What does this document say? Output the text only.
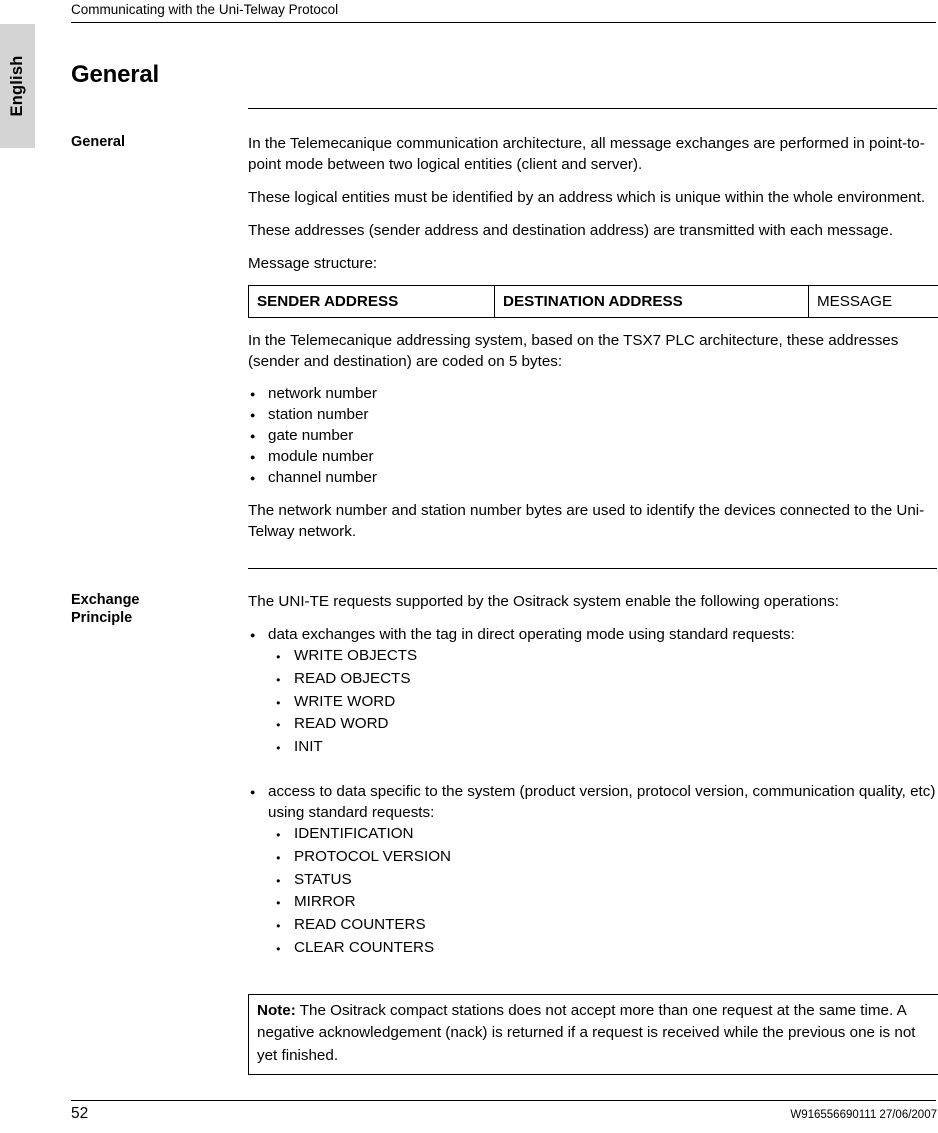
English
Communicating with the Uni-Telway Protocol
General
General	In the Telemecanique communication architecture, all message exchanges are performed in point-to-point mode between two logical entities (client and server).

These logical entities must be identified by an address which is unique within the whole environment.

These addresses (sender address and destination address) are transmitted with each message.

Message structure:

SENDER ADDRESS	DESTINATION ADDRESS	MESSAGE

In the Telemecanique addressing system, based on the TSX7 PLC architecture, these addresses (sender and destination) are coded on 5 bytes:

● network number
● station number
● gate number
● module number
● channel number

The network number and station number bytes are used to identify the devices connected to the Uni-Telway network.

Exchange
Principle

The UNI-TE requests supported by the Ositrack system enable the following operations:

● data exchanges with the tag in direct operating mode using standard requests:
● WRITE OBJECTS
● READ OBJECTS
● WRITE WORD
● READ WORD
● INIT
● access to data specific to the system (product version, protocol version, communication quality, etc) using standard requests:
● IDENTIFICATION
● PROTOCOL VERSION
● STATUS
● MIRROR
● READ COUNTERS
● CLEAR COUNTERS
Note: The Ositrack compact stations does not accept more than one request at the same time. A negative acknowledgement (nack) is returned if a request is received while the previous one is not yet finished.
52	W916556690111 27/06/2007
